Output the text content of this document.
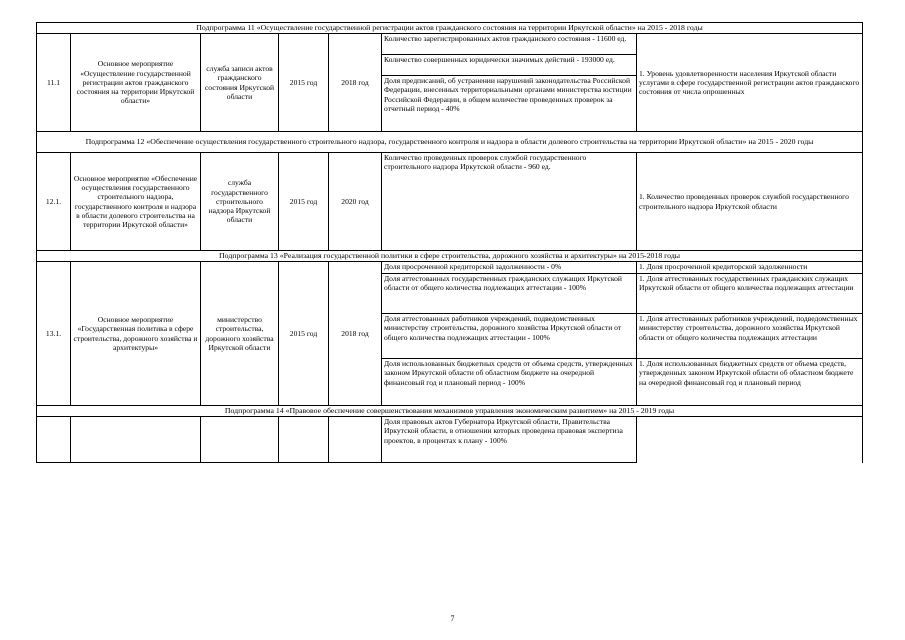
Подпрограмма 11 «Осуществление государственной регистрации актов гражданского состояния на территории Иркутской области» на 2015 - 2018 годы						
11.1	Основное мероприятие «Осуществление государственной регистрации актов гражданского состояния на территории Иркутской области»	служба записи актов гражданского состояния Иркутской области	2015 год	2018 год	Количество зарегистрированных актов гражданского состояния - 11600 ед.	1. Уровень удовлетворенности населения Иркутской области услугами в сфере государственной регистрации актов гражданского состояния от числа опрошенных
					Количество совершенных юридически значимых действий - 193000 ед.	
					Доля предписаний, об устранении нарушений законодательства Российской Федерации, внесенных территориальными органами министерства юстиции Российской Федерации, в общем количестве проведенных проверок за отчетный период - 40%	
Подпрограмма 12 «Обеспечение осуществления государственного строительного надзора, государственного контроля и надзора в области долевого строительства на территории Иркутской области» на 2015 - 2020 годы						
12.1.	Основное мероприятие «Обеспечение осуществления государственного строительного надзора, государственного контроля и надзора в области долевого строительства на территории Иркутской области»	служба государственного строительного надзора Иркутской области	2015 год	2020 год	Количество проведенных проверок службой государственного строительного надзора Иркутской области - 960 ед.	1. Количество проведенных проверок службой государственного строительного надзора Иркутской области
Подпрограмма 13 «Реализация государственной политики в сфере строительства, дорожного хозяйства и архитектуры» на 2015-2018 годы						
13.1.	Основное мероприятие «Государственная политика в сфере строительства, дорожного хозяйства и архитектуры»	министерство строительства, дорожного хозяйства Иркутской области	2015 год	2018 год	Доля просроченной кредиторской задолженности - 0%	1. Доля просроченной кредиторской задолженности
					Доля аттестованных государственных гражданских служащих Иркутской области от общего количества подлежащих аттестации - 100%	1. Доля аттестованных государственных гражданских служащих Иркутской области от общего количества подлежащих аттестации
					Доля аттестованных работников учреждений, подведомственных министерству строительства, дорожного хозяйства Иркутской области от общего количества подлежащих аттестации - 100%	1. Доля аттестованных работников учреждений, подведомственных министерству строительства, дорожного хозяйства Иркутской области от общего количества подлежащих аттестации
					Доля использованных бюджетных средств от объема средств, утвержденных законом Иркутской области об областном бюджете на очередной финансовый год и плановый период - 100%	1. Доля использованных бюджетных средств от объема средств, утвержденных законом Иркутской области об областном бюджете на очередной финансовый год и плановый период
Подпрограмма 14 «Правовое обеспечение совершенствования механизмов управления экономическим развитием» на 2015 - 2019 годы						
					Доля правовых актов Губернатора Иркутской области, Правительства Иркутской области, в отношении которых проведена правовая экспертиза проектов, в процентах к плану - 100%	
7
